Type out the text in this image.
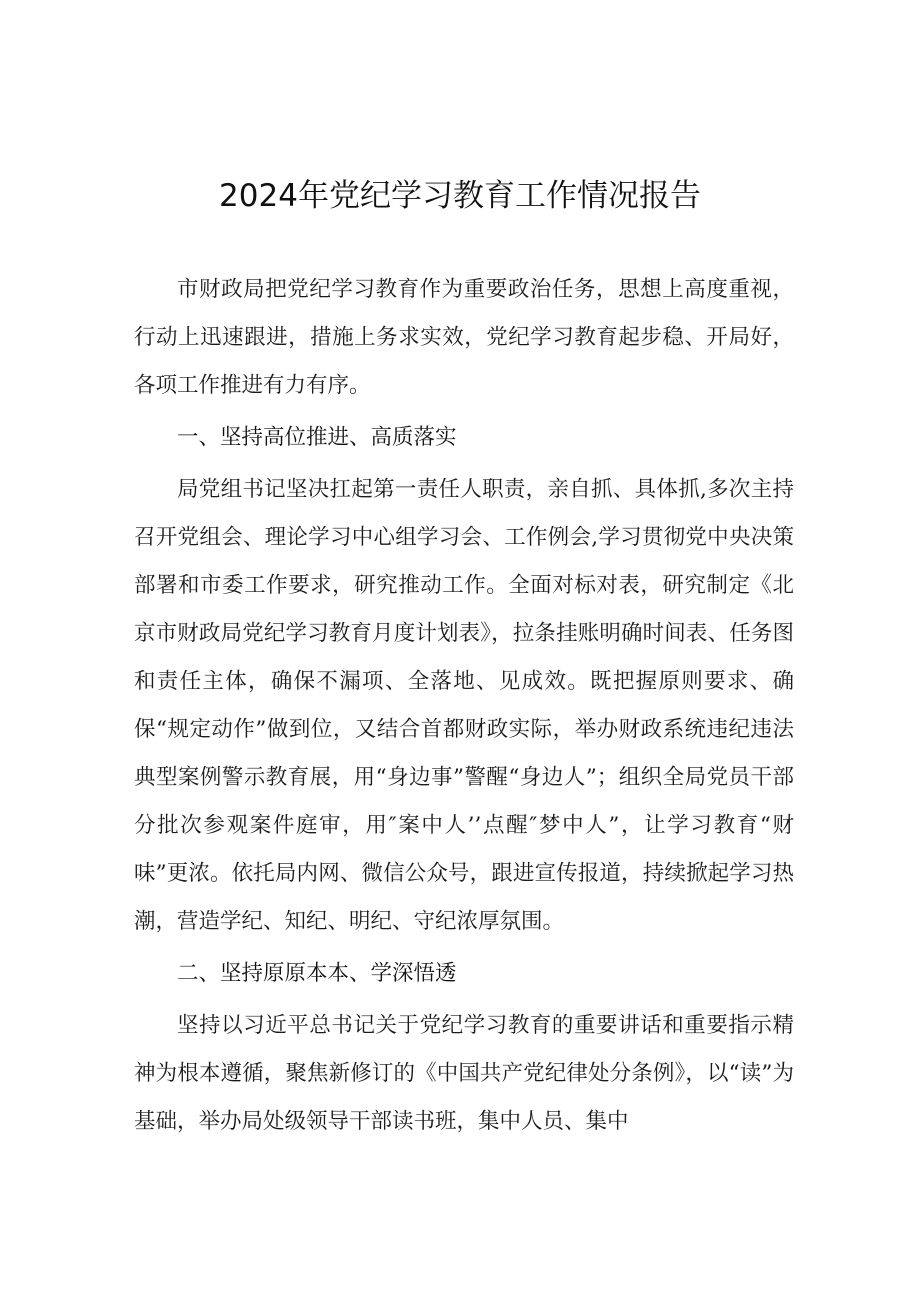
2024年党纪学习教育工作情况报告

市财政局把党纪学习教育作为重要政治任务，思想上高度重视，行动上迅速跟进，措施上务求实效，党纪学习教育起步稳、开局好，各项工作推进有力有序。

一、坚持高位推进、高质落实

局党组书记坚决扛起第一责任人职责，亲自抓、具体抓,多次主持召开党组会、理论学习中心组学习会、工作例会,学习贯彻党中央决策部署和市委工作要求，研究推动工作。全面对标对表，研究制定《北京市财政局党纪学习教育月度计划表》，拉条挂账明确时间表、任务图和责任主体，确保不漏项、全落地、见成效。既把握原则要求、确保“规定动作”做到位，又结合首都财政实际，举办财政系统违纪违法典型案例警示教育展，用“身边事”警醒“身边人”；组织全局党员干部分批次参观案件庭审，用″案中人’’点醒″梦中人”，让学习教育“财味”更浓。依托局内网、微信公众号，跟进宣传报道，持续掀起学习热潮，营造学纪、知纪、明纪、守纪浓厚氛围。

二、坚持原原本本、学深悟透

坚持以习近平总书记关于党纪学习教育的重要讲话和重要指示精神为根本遵循，聚焦新修订的《中国共产党纪律处分条例》，以“读”为基础，举办局处级领导干部读书班，集中人员、集中
